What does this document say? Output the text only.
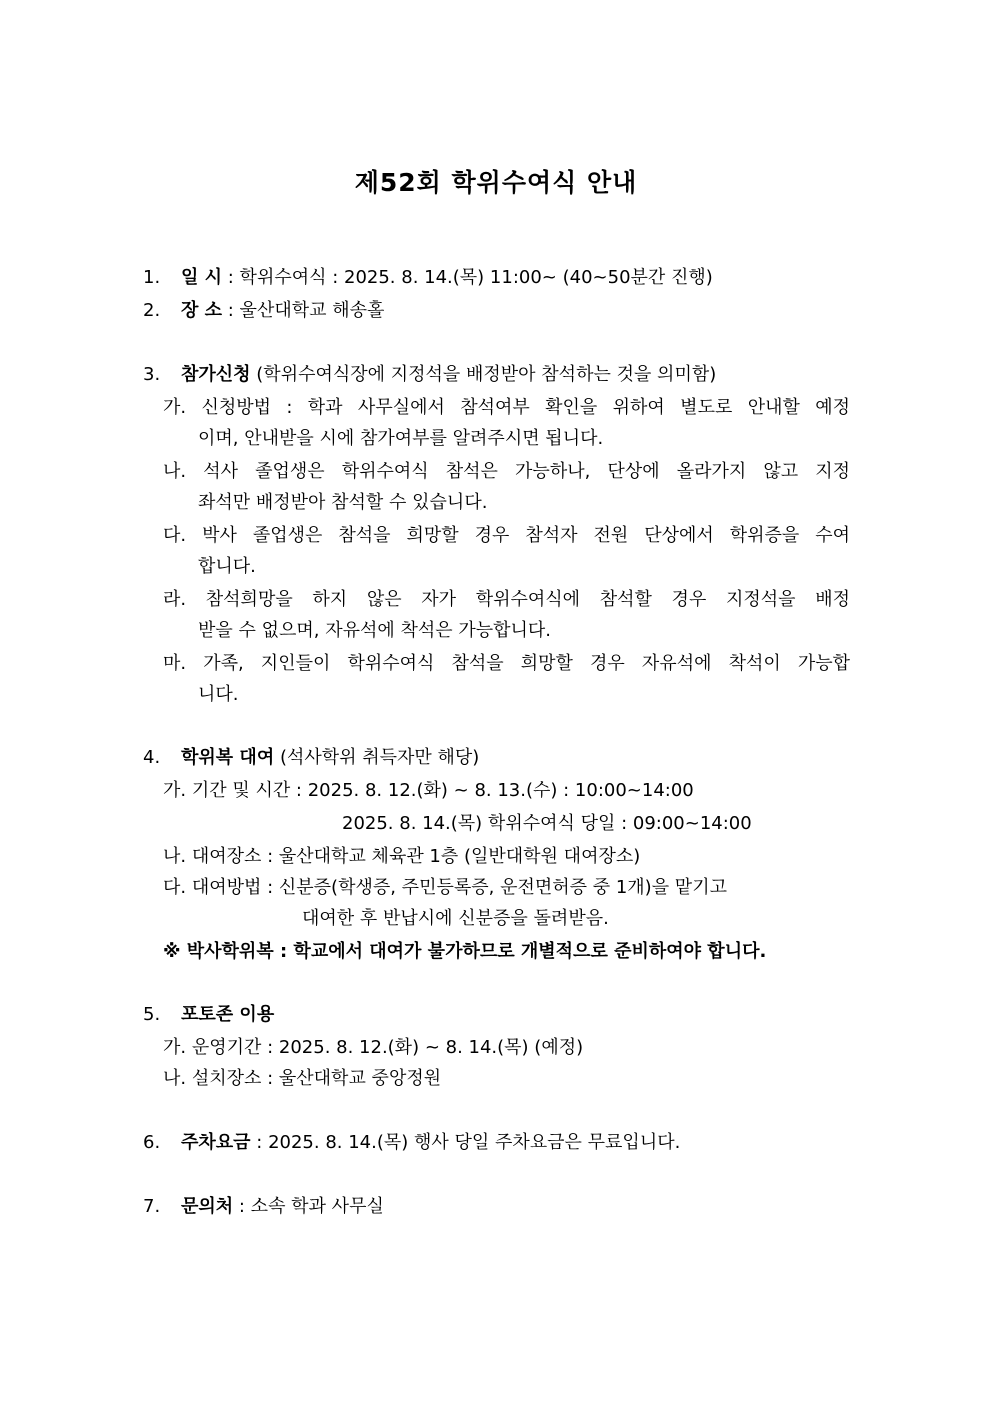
제52회 학위수여식 안내
1. 일 시 : 학위수여식 : 2025. 8. 14.(목) 11:00~ (40~50분간 진행)
2. 장 소 : 울산대학교 해송홀
3. 참가신청 (학위수여식장에 지정석을 배정받아 참석하는 것을 의미함)
가. 신청방법 : 학과 사무실에서 참석여부 확인을 위하여 별도로 안내할 예정
이며, 안내받을 시에 참가여부를 알려주시면 됩니다.
나. 석사 졸업생은 학위수여식 참석은 가능하나, 단상에 올라가지 않고 지정
좌석만 배정받아 참석할 수 있습니다.
다. 박사 졸업생은 참석을 희망할 경우 참석자 전원 단상에서 학위증을 수여
합니다.
라. 참석희망을 하지 않은 자가 학위수여식에 참석할 경우 지정석을 배정
받을 수 없으며, 자유석에 착석은 가능합니다.
마. 가족, 지인들이 학위수여식 참석을 희망할 경우 자유석에 착석이 가능합
니다.
4. 학위복 대여 (석사학위 취득자만 해당)
가. 기간 및 시간 : 2025. 8. 12.(화) ~ 8. 13.(수) : 10:00~14:00
2025. 8. 14.(목) 학위수여식 당일 : 09:00~14:00
나. 대여장소 : 울산대학교 체육관 1층 (일반대학원 대여장소)
다. 대여방법 : 신분증(학생증, 주민등록증, 운전면허증 중 1개)을 맡기고
대여한 후 반납시에 신분증을 돌려받음.
※ 박사학위복 : 학교에서 대여가 불가하므로 개별적으로 준비하여야 합니다.
5. 포토존 이용
가. 운영기간 : 2025. 8. 12.(화) ~ 8. 14.(목) (예정)
나. 설치장소 : 울산대학교 중앙정원
6. 주차요금 : 2025. 8. 14.(목) 행사 당일 주차요금은 무료입니다.
7. 문의처 : 소속 학과 사무실
